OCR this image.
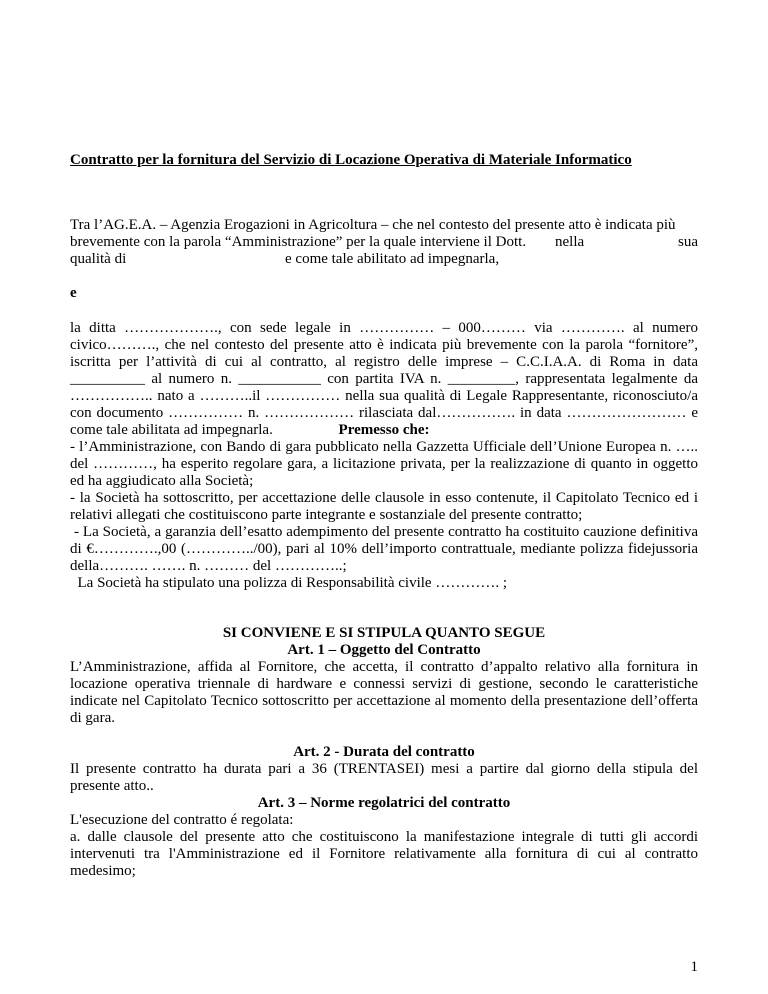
Contratto per la fornitura del Servizio di Locazione Operativa di Materiale Informatico

Tra l’AG.E.A. – Agenzia Erogazioni in Agricoltura – che nel contesto del presente atto è indicata più

brevemente con la parola “Amministrazione” per la quale interviene il Dott. nella	sua

qualità di	e come tale abilitato ad impegnarla,

e
la ditta ………………., con sede legale in …………… – 000……… via …………. al numero civico………., che nel contesto del presente atto è indicata più brevemente con la parola “fornitore”, iscritta per l’attività di cui al contratto, al registro delle imprese – C.C.I.A.A. di Roma in data __________ al numero n. ___________ con partita IVA n. _________, rappresentata legalmente da …………….. nato a ………..il …………… nella sua qualità di Legale Rappresentante, riconosciuto/a con documento …………… n. ……………… rilasciata dal……………. in data …………………… e come tale abilitata ad impegnarla.	Premesso che:

- l’Amministrazione, con Bando di gara pubblicato nella Gazzetta Ufficiale dell’Unione Europea n. ….. del …………, ha esperito regolare gara, a licitazione privata, per la realizzazione di quanto in oggetto ed ha aggiudicato alla Società;

- la Società ha sottoscritto, per accettazione delle clausole in esso contenute, il Capitolato Tecnico ed i relativi allegati che costituiscono parte integrante e sostanziale del presente contratto;

- La Società, a garanzia dell’esatto adempimento del presente contratto ha costituito cauzione definitiva di €………….,00 (…………../00), pari al 10% dell’importo contrattuale, mediante polizza fidejussoria della………. ……. n. ……… del …………..;

La Società ha stipulato una polizza di Responsabilità civile …………. ;

SI CONVIENE E SI STIPULA QUANTO SEGUE

Art. 1 – Oggetto del Contratto

L’Amministrazione, affida al Fornitore, che accetta, il contratto d’appalto relativo alla fornitura in locazione operativa triennale di hardware e connessi servizi di gestione, secondo le caratteristiche indicate nel Capitolato Tecnico sottoscritto per accettazione al momento della presentazione dell’offerta di gara.

Art. 2 - Durata del contratto

Il presente contratto ha durata pari a 36 (TRENTASEI) mesi a partire dal giorno della stipula del presente atto..

Art. 3 – Norme regolatrici del contratto

L'esecuzione del contratto é regolata:

a. dalle clausole del presente atto che costituiscono la manifestazione integrale di tutti gli accordi intervenuti tra l'Amministrazione ed il Fornitore relativamente alla fornitura di cui al contratto medesimo;

1
